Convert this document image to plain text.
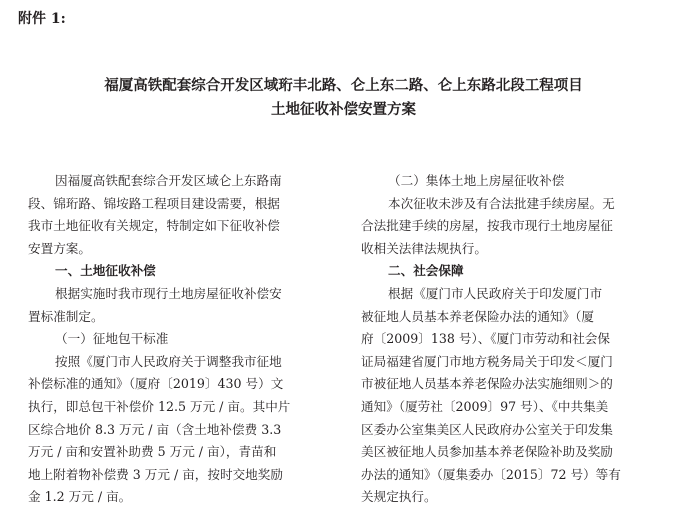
附件 1:
福厦高铁配套综合开发区域珩丰北路、仑上东二路、仑上东路北段工程项目
土地征收补偿安置方案
因福厦高铁配套综合开发区域仑上东路南
段、锦珩路、锦垵路工程项目建设需要，根据
我市土地征收有关规定，特制定如下征收补偿
安置方案。
一、土地征收补偿
根据实施时我市现行土地房屋征收补偿安
置标准制定。
（一）征地包干标准
按照《厦门市人民政府关于调整我市征地
补偿标准的通知》（厦府〔2019〕430 号）文
执行，即总包干补偿价 12.5 万元 / 亩。其中片
区综合地价 8.3 万元 / 亩（含土地补偿费 3.3
万元 / 亩和安置补助费 5 万元 / 亩），青苗和
地上附着物补偿费 3 万元 / 亩，按时交地奖励
金 1.2 万元 / 亩。
（二）集体土地上房屋征收补偿
本次征收未涉及有合法批建手续房屋。无
合法批建手续的房屋，按我市现行土地房屋征
收相关法律法规执行。
二、社会保障
根据《厦门市人民政府关于印发厦门市
被征地人员基本养老保险办法的通知》（厦
府〔2009〕138 号）、《厦门市劳动和社会保
证局福建省厦门市地方税务局关于印发＜厦门
市被征地人员基本养老保险办法实施细则＞的
通知》（厦劳社〔2009〕97 号）、《中共集美
区委办公室集美区人民政府办公室关于印发集
美区被征地人员参加基本养老保险补助及奖励
办法的通知》（厦集委办〔2015〕72 号）等有
关规定执行。
